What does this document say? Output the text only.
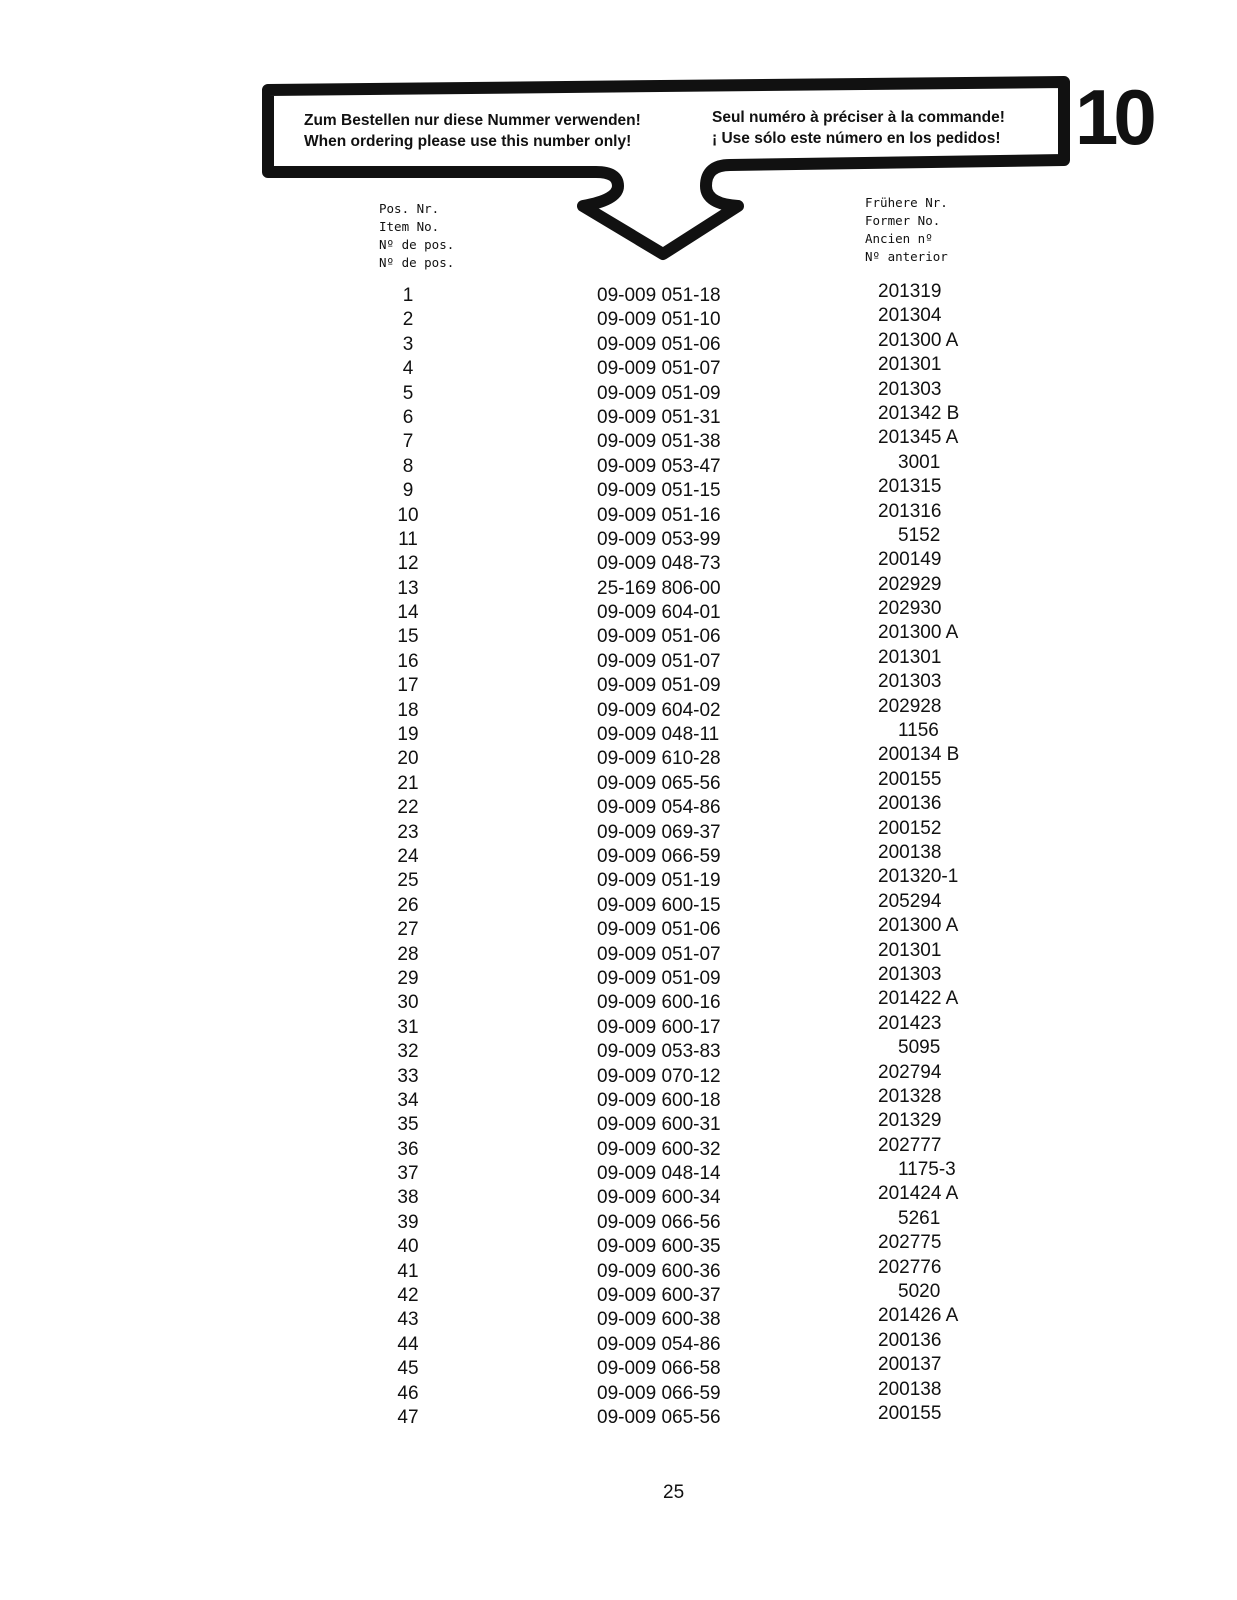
Zum Bestellen nur diese Nummer verwenden!
When ordering please use this number only!

Seul numéro à préciser à la commande!
¡ Use sólo este número en los pedidos! 10

Pos. Nr.
Item No.
Nº de pos.
Nº de pos.

Frühere Nr.
Former No.
Ancien nº
Nº anterior

1	09-009 051-18	201319
2	09-009 051-10	201304
3	09-009 051-06	201300 A
4	09-009 051-07	201301
5	09-009 051-09	201303
6	09-009 051-31	201342 B
7	09-009 051-38	201345 A
8	09-009 053-47	3001
9	09-009 051-15	201315
10	09-009 051-16	201316
11	09-009 053-99	5152
12	09-009 048-73	200149
13	25-169 806-00	202929
14	09-009 604-01	202930
15	09-009 051-06	201300 A
16	09-009 051-07	201301
17	09-009 051-09	201303
18	09-009 604-02	202928
19	09-009 048-11	1156
20	09-009 610-28	200134 B
21	09-009 065-56	200155
22	09-009 054-86	200136
23	09-009 069-37	200152
24	09-009 066-59	200138
25	09-009 051-19	201320-1
26	09-009 600-15	205294
27	09-009 051-06	201300 A
28	09-009 051-07	201301
29	09-009 051-09	201303
30	09-009 600-16	201422 A
31	09-009 600-17	201423
32	09-009 053-83	5095
33	09-009 070-12	202794
34	09-009 600-18	201328
35	09-009 600-31	201329
36	09-009 600-32	202777
37	09-009 048-14	1175-3
38	09-009 600-34	201424 A
39	09-009 066-56	5261
40	09-009 600-35	202775
41	09-009 600-36	202776
42	09-009 600-37	5020
43	09-009 600-38	201426 A
44	09-009 054-86	200136
45	09-009 066-58	200137
46	09-009 066-59	200138
47	09-009 065-56	200155
25
